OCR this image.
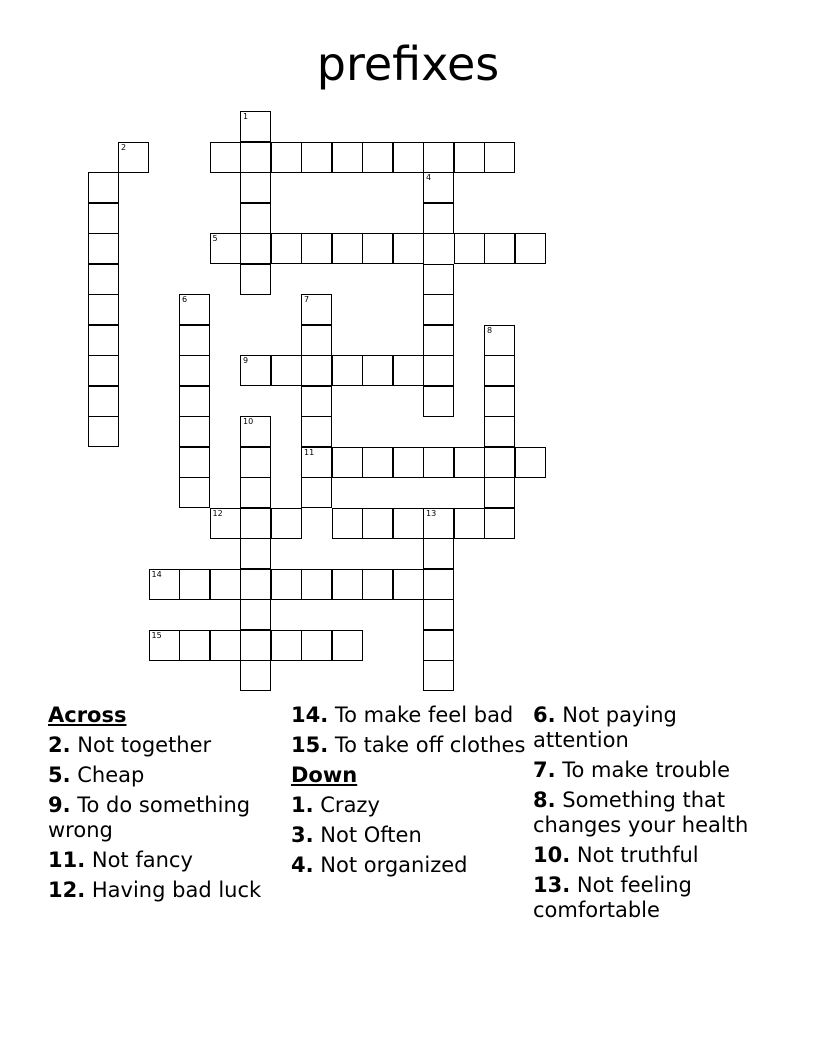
prefixes
2
1
4
5
6	7
11
8
9
10
12	13
14
15
Across
2. Not together
5. Cheap
9. To do something wrong
11. Not fancy
12. Having bad luck
14. To make feel bad
15. To take off clothes
Down
1. Crazy
3. Not Often
4. Not organized
6. Not paying attention
7. To make trouble
8. Something that changes your health
10. Not truthful
13. Not feeling comfortable
